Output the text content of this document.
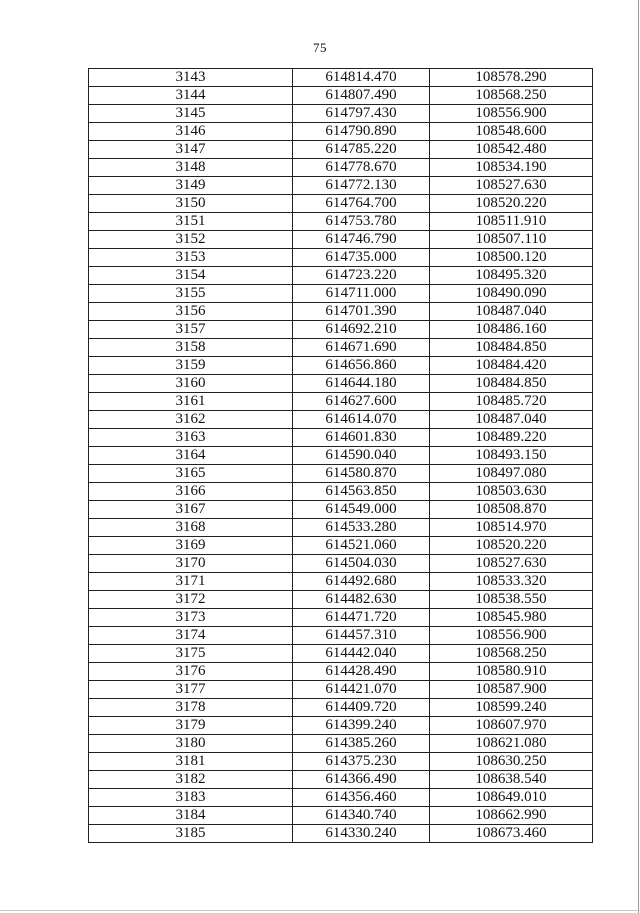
75
3143	614814.470	108578.290
3144	614807.490	108568.250
3145	614797.430	108556.900
3146	614790.890	108548.600
3147	614785.220	108542.480
3148	614778.670	108534.190
3149	614772.130	108527.630
3150	614764.700	108520.220
3151	614753.780	108511.910
3152	614746.790	108507.110
3153	614735.000	108500.120
3154	614723.220	108495.320
3155	614711.000	108490.090
3156	614701.390	108487.040
3157	614692.210	108486.160
3158	614671.690	108484.850
3159	614656.860	108484.420
3160	614644.180	108484.850
3161	614627.600	108485.720
3162	614614.070	108487.040
3163	614601.830	108489.220
3164	614590.040	108493.150
3165	614580.870	108497.080
3166	614563.850	108503.630
3167	614549.000	108508.870
3168	614533.280	108514.970
3169	614521.060	108520.220
3170	614504.030	108527.630
3171	614492.680	108533.320
3172	614482.630	108538.550
3173	614471.720	108545.980
3174	614457.310	108556.900
3175	614442.040	108568.250
3176	614428.490	108580.910
3177	614421.070	108587.900
3178	614409.720	108599.240
3179	614399.240	108607.970
3180	614385.260	108621.080
3181	614375.230	108630.250
3182	614366.490	108638.540
3183	614356.460	108649.010
3184	614340.740	108662.990
3185	614330.240	108673.460
